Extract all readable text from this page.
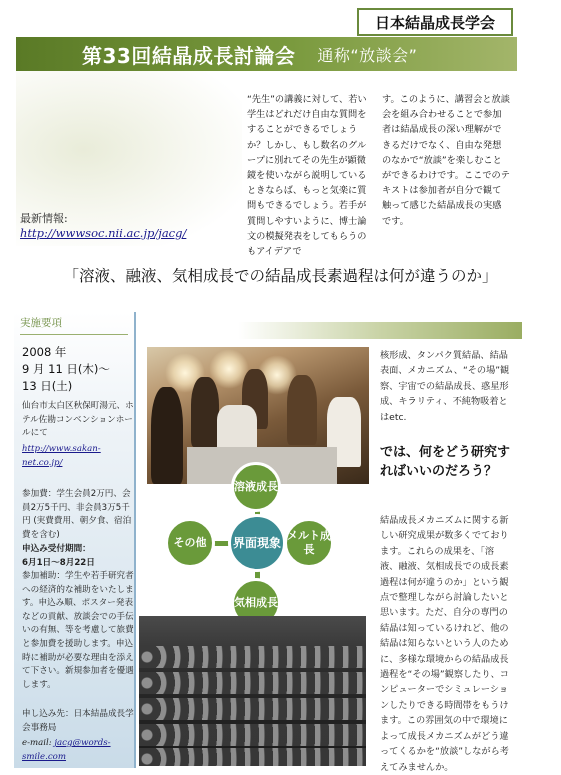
日本結晶成長学会
第33回結晶成長討論会 通称“放談会”
最新情報:
http://wwwsoc.nii.ac.jp/jacg/
“先生”の講義に対して、若い学生はどれだけ自由な質問をすることができるでしょうか？しかし、もし数名のグループに別れてその先生が顕微鏡を使いながら説明しているときならば、もっと気楽に質問もできるでしょう。若手が質問しやすいように、博士論文の模擬発表をしてもらうのもアイデアで
す。このように、講習会と放談会を組み合わせることで参加者は結晶成長の深い理解ができるだけでなく、自由な発想のなかで“放談”を楽しむことができるわけです。ここでのテキストは参加者が自分で観て触って感じた結晶成長の実感です。
「溶液、融液、気相成長での結晶成長素過程は何が違うのか」
実施要項
2008 年
9 月 11 日(木)～
13 日(土)
仙台市太白区秋保町湯元、ホテル佐勘コンベンションホールにて
http://www.sakan-net.co.jp/
参加費：学生会員2万円、会員2万5千円、非会員3万5千円 (実費費用、朝夕食、宿泊費を含む)
申込み受付期間：
6月1日～8月22日
参加補助：学生や若手研究者への経済的な補助をいたします。申込み順、ポスター発表などの貢献、放談会での手伝いの有無、等を考慮して旅費と参加費を援助します。申込時に補助が必要な理由を添えて下さい。新規参加者を優遇します。
申し込み先：日本結晶成長学会事務局
e-mail: jacg@words-smile.com
溶液成長
その他	界面現象
メルト成長
気相成長
核形成、タンパク質結晶、結晶表面、メカニズム、“その場”観察、宇宙での結晶成長、惑星形成、キラリティ、不純物吸着とはetc.
では、何をどう研究すればいいのだろう？
結晶成長メカニズムに関する新しい研究成果が数多くでております。これらの成果を、「溶液、融液、気相成長での成長素過程は何が違うのか」という観点で整理しながら討論したいと思います。ただ、自分の専門の結晶は知っているけれど、他の結晶は知らないという人のために、多様な環境からの結晶成長過程を“その場”観察したり、コンピューターでシミュレーションしたりできる時間帯をもうけます。この雰囲気の中で環境によって成長メカニズムがどう違ってくるかを“放談”しながら考えてみませんか。
